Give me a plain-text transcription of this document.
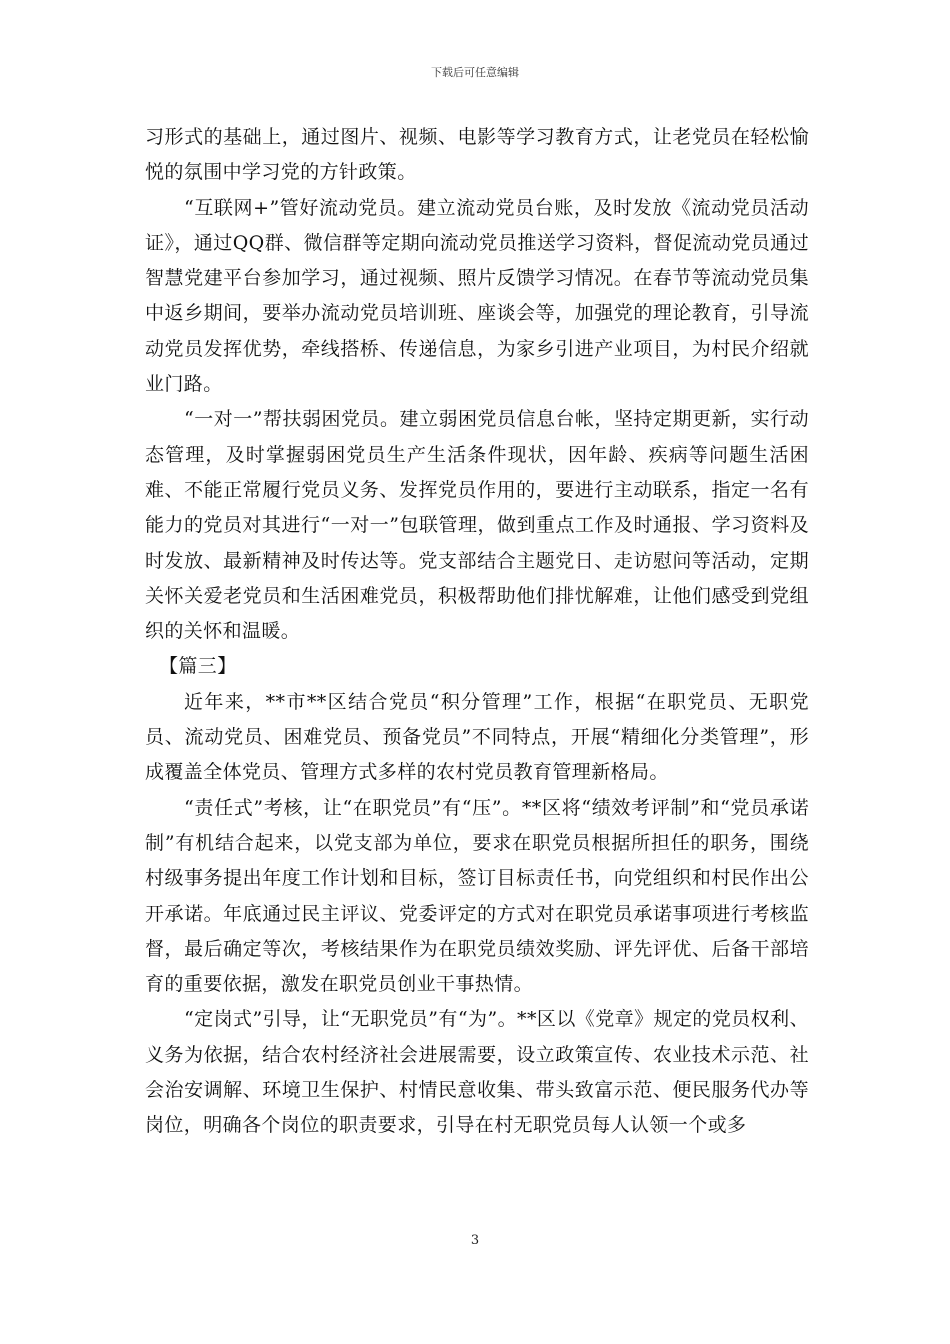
下载后可任意编辑

习形式的基础上，通过图片、视频、电影等学习教育方式，让老党员在轻松愉悦的氛围中学习党的方针政策。

“互联网+”管好流动党员。建立流动党员台账，及时发放《流动党员活动证》，通过QQ群、微信群等定期向流动党员推送学习资料，督促流动党员通过智慧党建平台参加学习，通过视频、照片反馈学习情况。在春节等流动党员集中返乡期间，要举办流动党员培训班、座谈会等，加强党的理论教育，引导流动党员发挥优势，牵线搭桥、传递信息，为家乡引进产业项目，为村民介绍就业门路。

“一对一”帮扶弱困党员。建立弱困党员信息台帐，坚持定期更新，实行动态管理，及时掌握弱困党员生产生活条件现状，因年龄、疾病等问题生活困难、不能正常履行党员义务、发挥党员作用的，要进行主动联系，指定一名有能力的党员对其进行“一对一”包联管理，做到重点工作及时通报、学习资料及时发放、最新精神及时传达等。党支部结合主题党日、走访慰问等活动，定期关怀关爱老党员和生活困难党员，积极帮助他们排忧解难，让他们感受到党组织的关怀和温暖。

【篇三】

近年来，**市**区结合党员“积分管理”工作，根据“在职党员、无职党员、流动党员、困难党员、预备党员”不同特点，开展“精细化分类管理”，形成覆盖全体党员、管理方式多样的农村党员教育管理新格局。

“责任式”考核，让“在职党员”有“压”。**区将“绩效考评制”和“党员承诺制”有机结合起来，以党支部为单位，要求在职党员根据所担任的职务，围绕村级事务提出年度工作计划和目标，签订目标责任书，向党组织和村民作出公开承诺。年底通过民主评议、党委评定的方式对在职党员承诺事项进行考核监督，最后确定等次，考核结果作为在职党员绩效奖励、评先评优、后备干部培育的重要依据，激发在职党员创业干事热情。

“定岗式”引导，让“无职党员”有“为”。**区以《党章》规定的党员权利、义务为依据，结合农村经济社会进展需要，设立政策宣传、农业技术示范、社会治安调解、环境卫生保护、村情民意收集、带头致富示范、便民服务代办等岗位，明确各个岗位的职责要求，引导在村无职党员每人认领一个或多

3
